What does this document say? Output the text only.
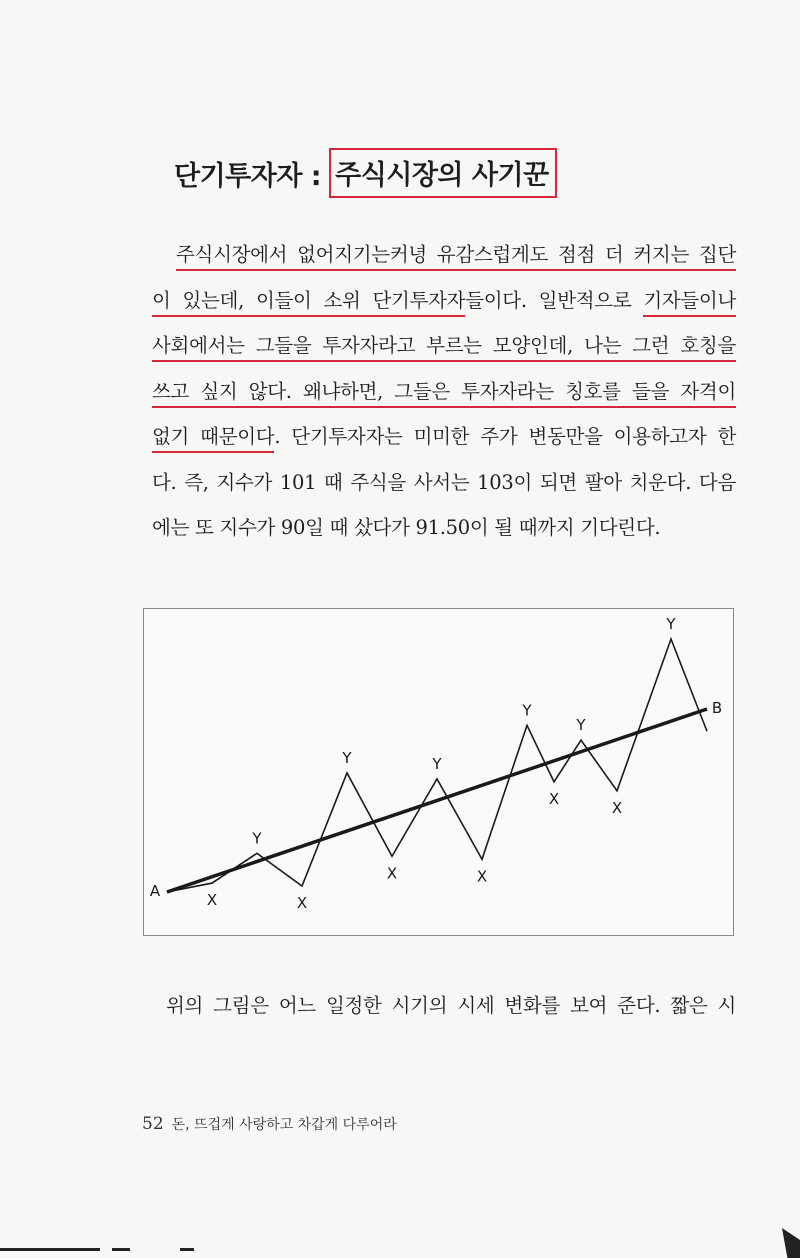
단기투자자 : 주식시장의 사기꾼
주식시장에서 없어지기는커녕 유감스럽게도 점점 더 커지는 집단
이 있는데, 이들이 소위 단기투자자들이다. 일반적으로 기자들이나
사회에서는 그들을 투자자라고 부르는 모양인데, 나는 그런 호칭을
쓰고 싶지 않다. 왜냐하면, 그들은 투자자라는 칭호를 들을 자격이
없기 때문이다. 단기투자자는 미미한 주가 변동만을 이용하고자 한
다. 즉, 지수가 101 때 주식을 사서는 103이 되면 팔아 치운다. 다음
에는 또 지수가 90일 때 샀다가 91.50이 될 때까지 기다린다.
X
Y
X
Y
X
Y
X
Y
X
Y
X
Y
A
B
위의 그림은 어느 일정한 시기의 시세 변화를 보여 준다. 짧은 시
52 돈, 뜨겁게 사랑하고 차갑게 다루어라
